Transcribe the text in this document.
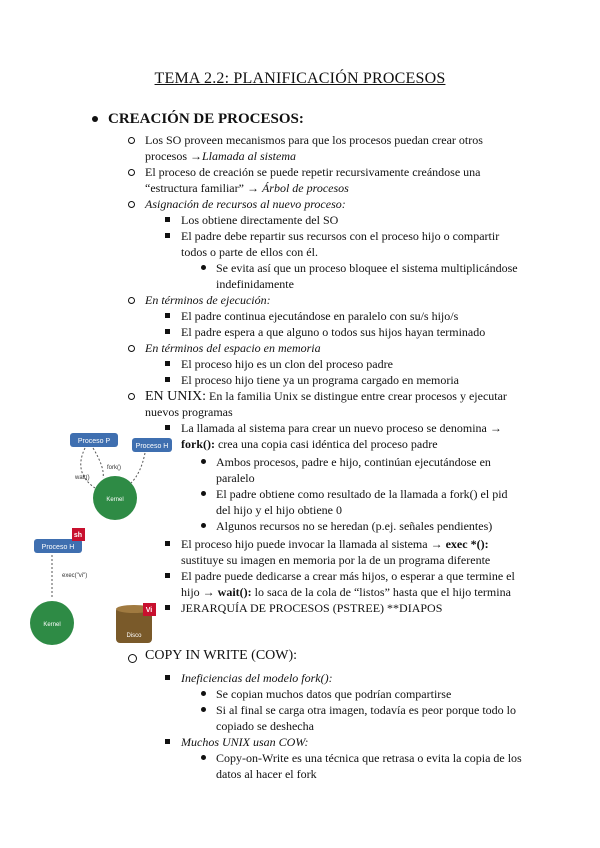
TEMA 2.2: PLANIFICACIÓN PROCESOS
CREACIÓN DE PROCESOS:
Los SO proveen mecanismos para que los procesos puedan crear otros
procesos →Llamada al sistema
El proceso de creación se puede repetir recursivamente creándose una
“estructura familiar” → Árbol de procesos
Asignación de recursos al nuevo proceso:
Los obtiene directamente del SO
El padre debe repartir sus recursos con el proceso hijo o compartir
todos o parte de ellos con él.
Se evita así que un proceso bloquee el sistema multiplicándose
indefinidamente
En términos de ejecución:
El padre continua ejecutándose en paralelo con su/s hijo/s
El padre espera a que alguno o todos sus hijos hayan terminado
En términos del espacio en memoria
El proceso hijo es un clon del proceso padre
El proceso hijo tiene ya un programa cargado en memoria
EN UNIX: En la familia Unix se distingue entre crear procesos y ejecutar
nuevos programas
La llamada al sistema para crear un nuevo proceso se denomina →
fork(): crea una copia casi idéntica del proceso padre
Ambos procesos, padre e hijo, continúan ejecutándose en
paralelo
El padre obtiene como resultado de la llamada a fork() el pid
del hijo y el hijo obtiene 0
Algunos recursos no se heredan (p.ej. señales pendientes)
El proceso hijo puede invocar la llamada al sistema → exec *():
sustituye su imagen en memoria por la de un programa diferente
El padre puede dedicarse a crear más hijos, o esperar a que termine el
hijo → wait(): lo saca de la cola de “listos” hasta que el hijo termina
JERARQUÍA DE PROCESOS (PSTREE) **DIAPOS
COPY IN WRITE (COW):
Ineficiencias del modelo fork():
Se copian muchos datos que podrían compartirse
Si al final se carga otra imagen, todavía es peor porque todo lo
copiado se deshecha
Muchos UNIX usan COW:
Copy-on-Write es una técnica que retrasa o evita la copia de los
datos al hacer el fork
Proceso P
Proceso H
Kernel
fork()
wait()
Proceso H
sh
exec("vi")
Kernel
Disco
Vi
